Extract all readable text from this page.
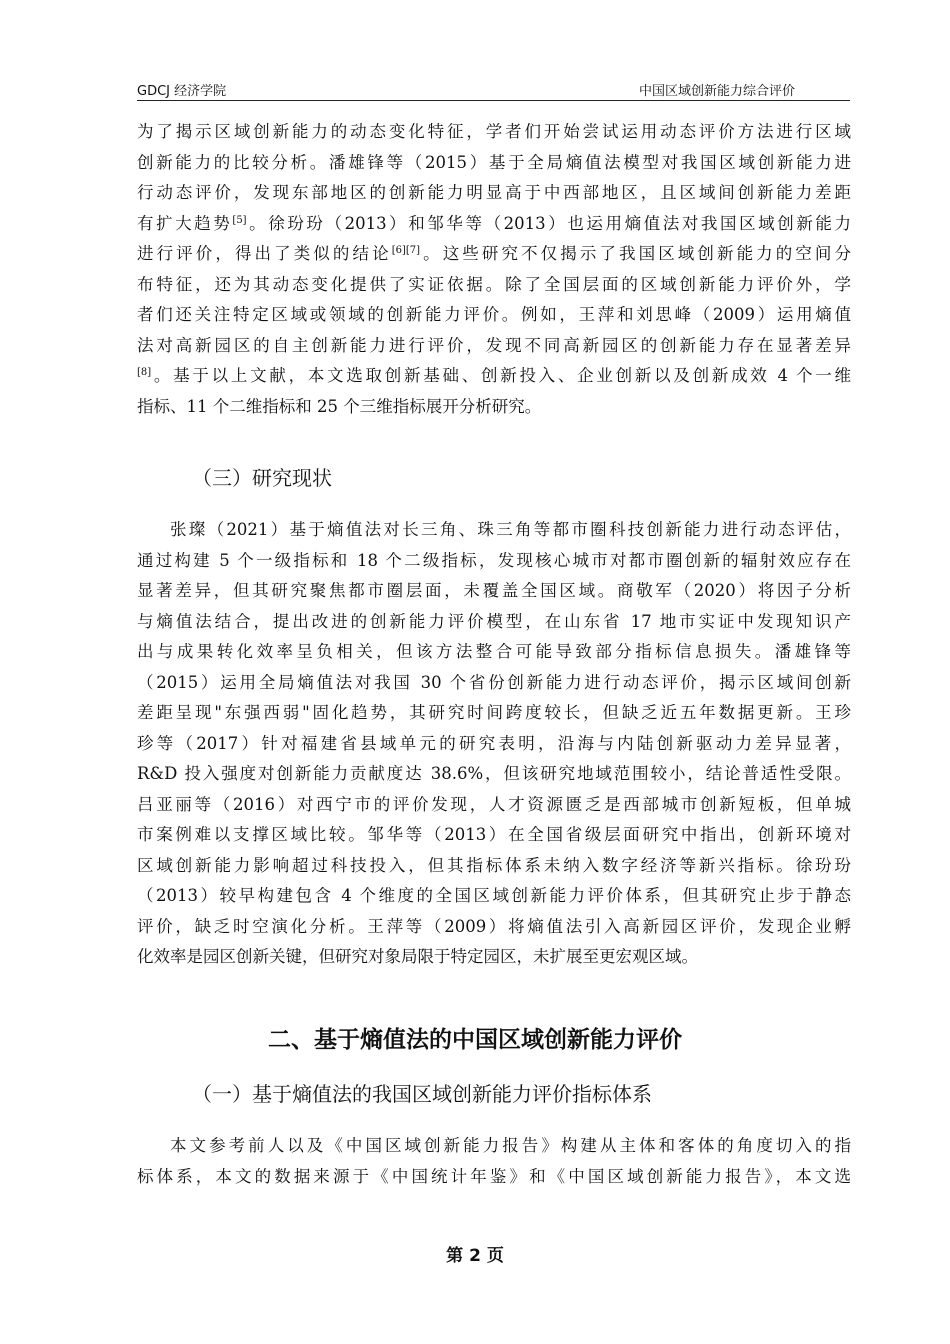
GDCJ 经济学院	中国区域创新能力综合评价

为了揭示区域创新能力的动态变化特征，学者们开始尝试运用动态评价方法进行区域

创新能力的比较分析。潘雄锋等（2015）基于全局熵值法模型对我国区域创新能力进

行动态评价，发现东部地区的创新能力明显高于中西部地区，且区域间创新能力差距

有扩大趋势[5]。徐玢玢（2013）和邹华等（2013）也运用熵值法对我国区域创新能力

进行评价，得出了类似的结论[6][7]。这些研究不仅揭示了我国区域创新能力的空间分

布特征，还为其动态变化提供了实证依据。除了全国层面的区域创新能力评价外，学

者们还关注特定区域或领域的创新能力评价。例如，王萍和刘思峰（2009）运用熵值

法对高新园区的自主创新能力进行评价，发现不同高新园区的创新能力存在显著差异

[8]。基于以上文献，本文选取创新基础、创新投入、企业创新以及创新成效 4 个一维

指标、11 个二维指标和 25 个三维指标展开分析研究。

（三）研究现状

张璨（2021）基于熵值法对长三角、珠三角等都市圈科技创新能力进行动态评估，

通过构建 5 个一级指标和 18 个二级指标，发现核心城市对都市圈创新的辐射效应存在

显著差异，但其研究聚焦都市圈层面，未覆盖全国区域。商敬军（2020）将因子分析

与熵值法结合，提出改进的创新能力评价模型，在山东省 17 地市实证中发现知识产

出与成果转化效率呈负相关，但该方法整合可能导致部分指标信息损失。潘雄锋等

（2015）运用全局熵值法对我国 30 个省份创新能力进行动态评价，揭示区域间创新

差距呈现"东强西弱"固化趋势，其研究时间跨度较长，但缺乏近五年数据更新。王珍

珍等（2017）针对福建省县域单元的研究表明，沿海与内陆创新驱动力差异显著，

R&D 投入强度对创新能力贡献度达 38.6%，但该研究地域范围较小，结论普适性受限。

吕亚丽等（2016）对西宁市的评价发现，人才资源匮乏是西部城市创新短板，但单城

市案例难以支撑区域比较。邹华等（2013）在全国省级层面研究中指出，创新环境对

区域创新能力影响超过科技投入，但其指标体系未纳入数字经济等新兴指标。徐玢玢

（2013）较早构建包含 4 个维度的全国区域创新能力评价体系，但其研究止步于静态

评价，缺乏时空演化分析。王萍等（2009）将熵值法引入高新园区评价，发现企业孵

化效率是园区创新关键，但研究对象局限于特定园区，未扩展至更宏观区域。

二、基于熵值法的中国区域创新能力评价
（一）基于熵值法的我国区域创新能力评价指标体系

本文参考前人以及《中国区域创新能力报告》构建从主体和客体的角度切入的指

标体系，本文的数据来源于《中国统计年鉴》和《中国区域创新能力报告》，本文选

第 2 页
